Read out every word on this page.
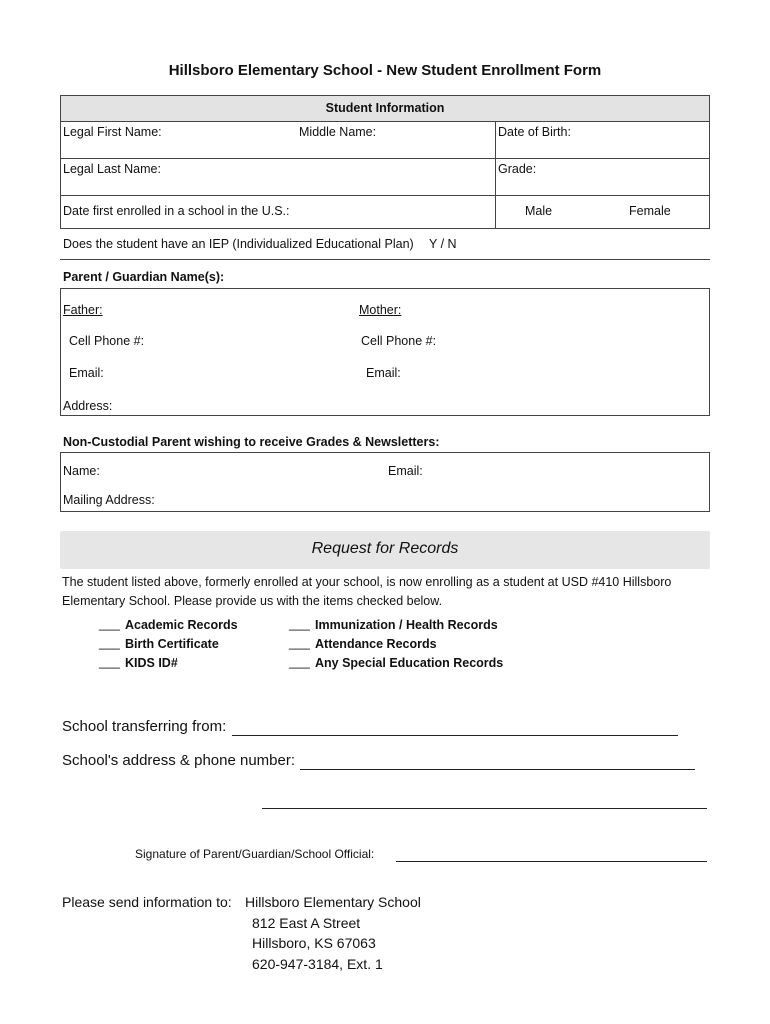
Hillsboro Elementary School - New Student Enrollment Form
Student Information
Legal First Name:	Middle Name:	Date of Birth:
Legal Last Name:	Grade:
Date first enrolled in a school in the U.S.:	Male	Female
Does the student have an IEP (Individualized Educational Plan) Y / N
Parent / Guardian Name(s):
Father:	Mother:
Cell Phone #:	Cell Phone #:
Email:	Email:
Address:
Non-Custodial Parent wishing to receive Grades & Newsletters:
Name:	Email:
Mailing Address:
Request for Records
The student listed above, formerly enrolled at your school, is now enrolling as a student at USD #410 Hillsboro
Elementary School. Please provide us with the items checked below.
___ Academic Records
___ Birth Certificate
___ KIDS ID#
___ Immunization / Health Records
___ Attendance Records
___ Any Special Education Records
School transferring from:
School's address & phone number:
Signature of Parent/Guardian/School Official:
Please send information to: Hillsboro Elementary School
812 East A Street
Hillsboro, KS 67063
620-947-3184, Ext. 1
